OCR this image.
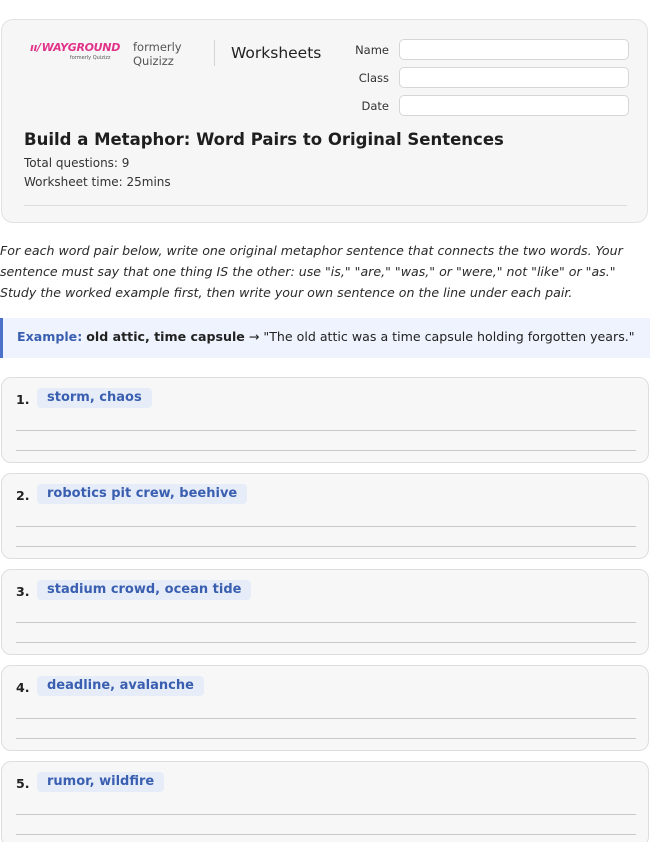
ıı/WAYGROUND
formerly Quizizz
formerly Quizizz	Worksheets	Name
Class
Date
Build a Metaphor: Word Pairs to Original Sentences
Total questions: 9
Worksheet time: 25mins
For each word pair below, write one original metaphor sentence that connects the two words. Your sentence must say that one thing IS the other: use "is," "are," "was," or "were," not "like" or "as." Study the worked example first, then write your own sentence on the line under each pair.
Example: old attic, time capsule → "The old attic was a time capsule holding forgotten years."
1.	storm, chaos
2.	robotics pit crew, beehive
3.	stadium crowd, ocean tide
4.	deadline, avalanche
5.	rumor, wildfire
